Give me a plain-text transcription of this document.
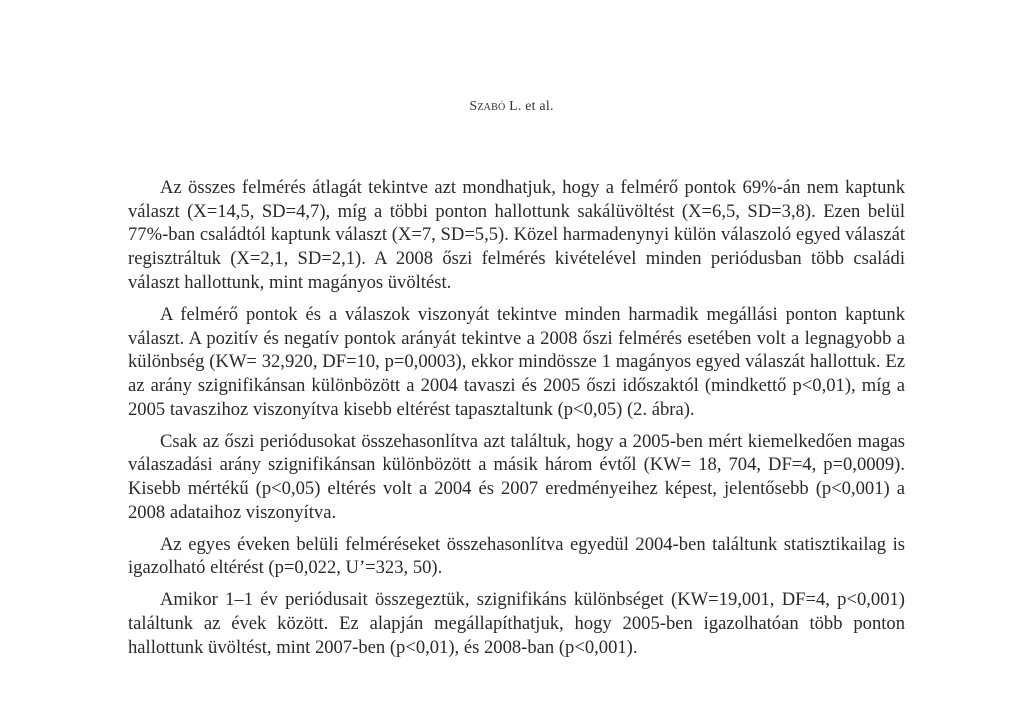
Szabó L. et al.

Az összes felmérés átlagát tekintve azt mondhatjuk, hogy a felmérő pontok 69%-án nem kaptunk választ (X=14,5, SD=4,7), míg a többi ponton hallottunk sakálüvöltést (X=6,5, SD=3,8). Ezen belül 77%-ban családtól kaptunk választ (X=7, SD=5,5). Közel harmadenynyi külön válaszoló egyed válaszát regisztráltuk (X=2,1, SD=2,1). A 2008 őszi felmérés kivételével minden periódusban több családi választ hallottunk, mint magányos üvöltést.

A felmérő pontok és a válaszok viszonyát tekintve minden harmadik megállási ponton kaptunk választ. A pozitív és negatív pontok arányát tekintve a 2008 őszi felmérés esetében volt a legnagyobb a különbség (KW= 32,920, DF=10, p=0,0003), ekkor mindössze 1 magányos egyed válaszát hallottuk. Ez az arány szignifikánsan különbözött a 2004 tavaszi és 2005 őszi időszaktól (mindkettő p<0,01), míg a 2005 tavaszihoz viszonyítva kisebb eltérést tapasztaltunk (p<0,05) (2. ábra).

Csak az őszi periódusokat összehasonlítva azt találtuk, hogy a 2005-ben mért kiemelkedően magas válaszadási arány szignifikánsan különbözött a másik három évtől (KW= 18, 704, DF=4, p=0,0009). Kisebb mértékű (p<0,05) eltérés volt a 2004 és 2007 eredményeihez képest, jelentősebb (p<0,001) a 2008 adataihoz viszonyítva.

Az egyes éveken belüli felméréseket összehasonlítva egyedül 2004-ben találtunk statisztikailag is igazolható eltérést (p=0,022, U’=323, 50).

Amikor 1–1 év periódusait összegeztük, szignifikáns különbséget (KW=19,001, DF=4, p<0,001) találtunk az évek között. Ez alapján megállapíthatjuk, hogy 2005-ben igazolhatóan több ponton hallottunk üvöltést, mint 2007-ben (p<0,01), és 2008-ban (p<0,001).
